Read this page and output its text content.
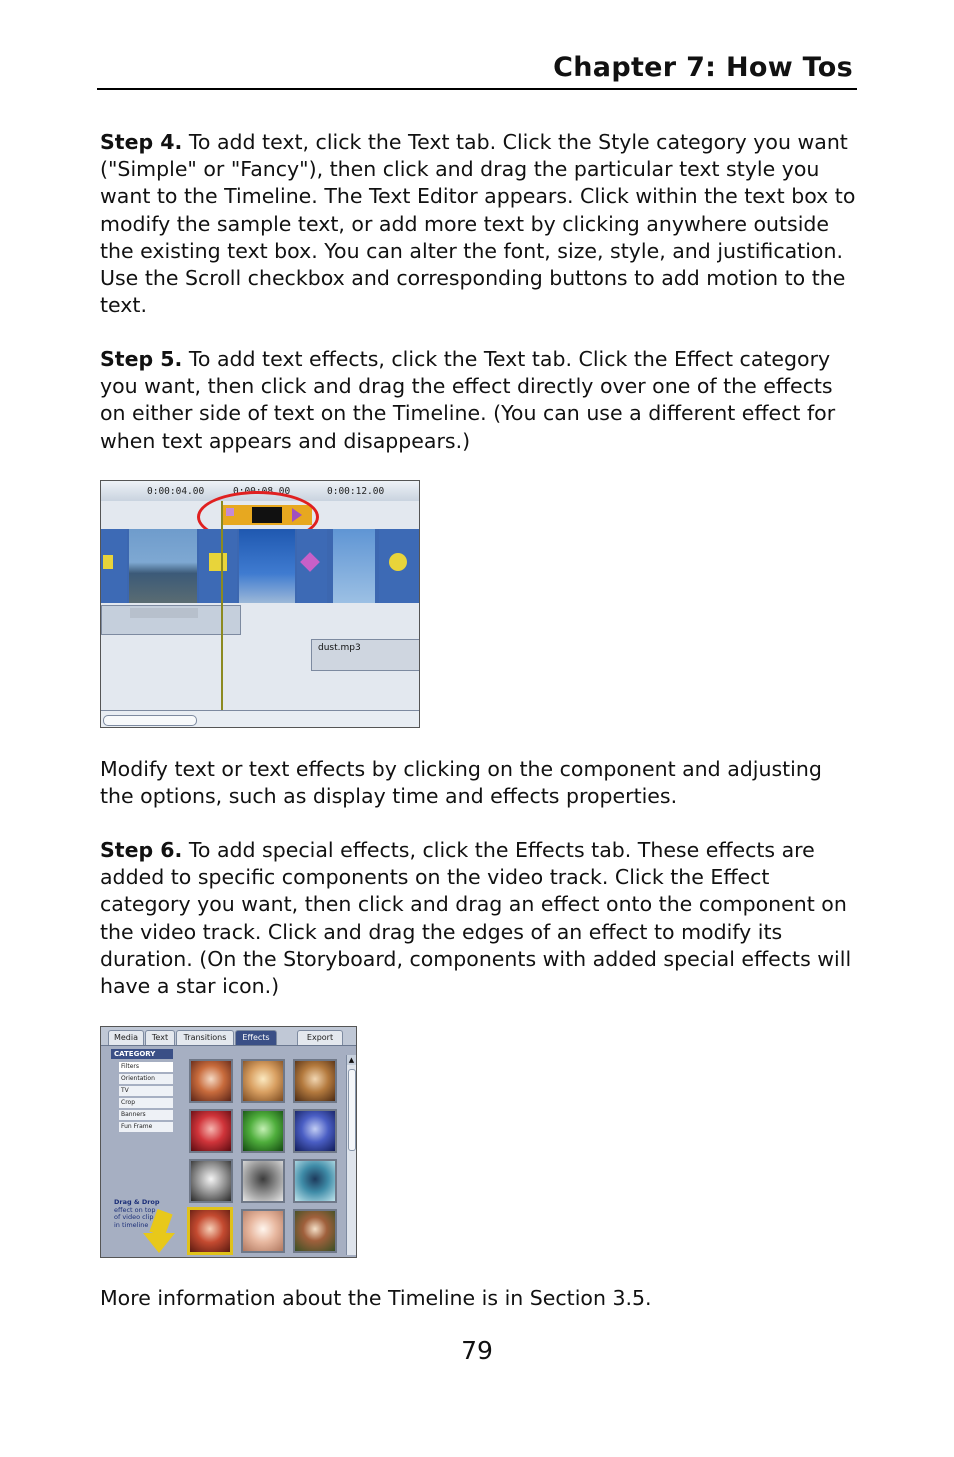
Chapter 7: How Tos
Step 4. To add text, click the Text tab. Click the Style category you want ("Simple" or "Fancy"), then click and drag the particular text style you want to the Timeline. The Text Editor appears. Click within the text box to modify the sample text, or add more text by clicking anywhere outside the existing text box. You can alter the font, size, style, and justification. Use the Scroll checkbox and corresponding buttons to add motion to the text.
Step 5. To add text effects, click the Text tab. Click the Effect category you want, then click and drag the effect directly over one of the effects on either side of text on the Timeline. (You can use a different effect for when text appears and disappears.)
0:00:04.00	0:00:08.00	0:00:12.00
dust.mp3
Modify text or text effects by clicking on the component and adjusting the options, such as display time and effects properties.
Step 6. To add special effects, click the Effects tab. These effects are added to specific components on the video track. Click the Effect category you want, then click and drag an effect onto the component on the video track. Click and drag the edges of an effect to modify its duration. (On the Storyboard, components with added special effects will have a star icon.)
Media	Text	Transitions	Effects	Export
CATEGORY
Filters
Orientation
TV
Crop
Banners
Fun Frame
Drag & Drop
effect on top
of video clip
in timeline
▲
More information about the Timeline is in Section 3.5.
79
